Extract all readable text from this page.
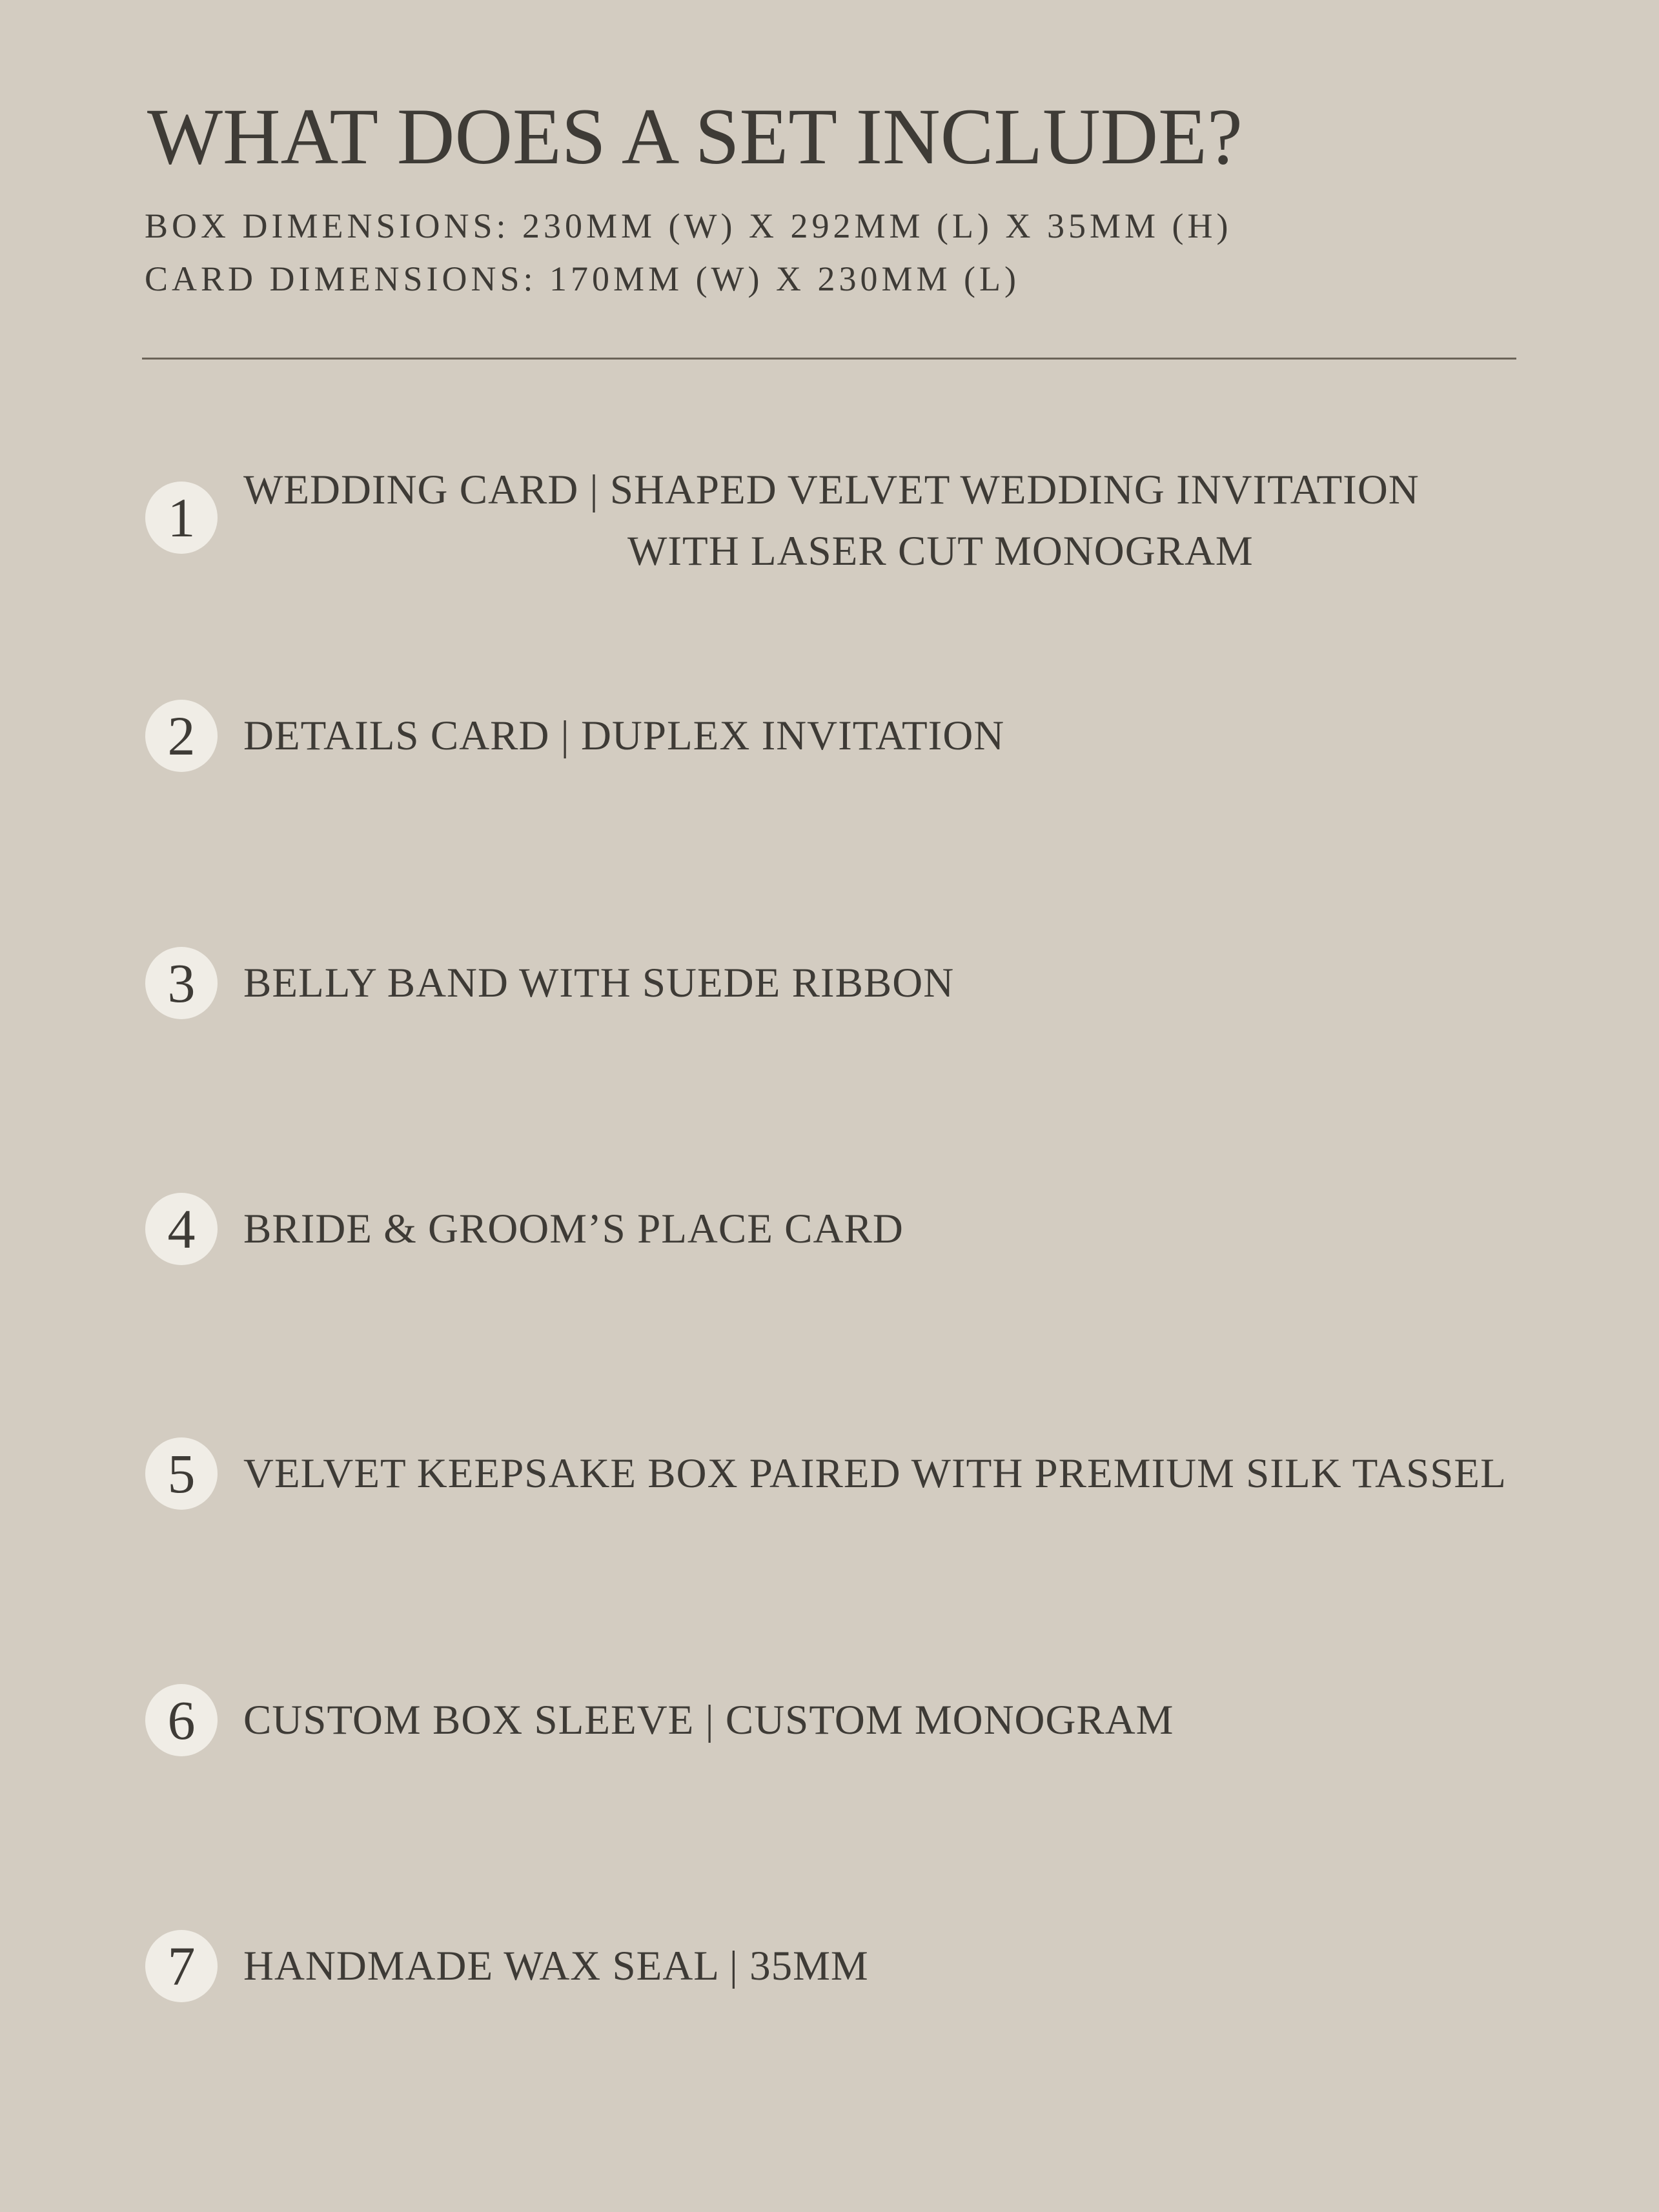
WHAT DOES A SET INCLUDE?
BOX DIMENSIONS: 230MM (W) X 292MM (L) X 35MM (H)
CARD DIMENSIONS: 170MM (W) X 230MM (L)
1 WEDDING CARD | SHAPED VELVET WEDDING INVITATION
WITH LASER CUT MONOGRAM
2 DETAILS CARD | DUPLEX INVITATION
3 BELLY BAND WITH SUEDE RIBBON
4 BRIDE & GROOM’S PLACE CARD
5 VELVET KEEPSAKE BOX PAIRED WITH PREMIUM SILK TASSEL
6 CUSTOM BOX SLEEVE | CUSTOM MONOGRAM
7 HANDMADE WAX SEAL | 35MM
